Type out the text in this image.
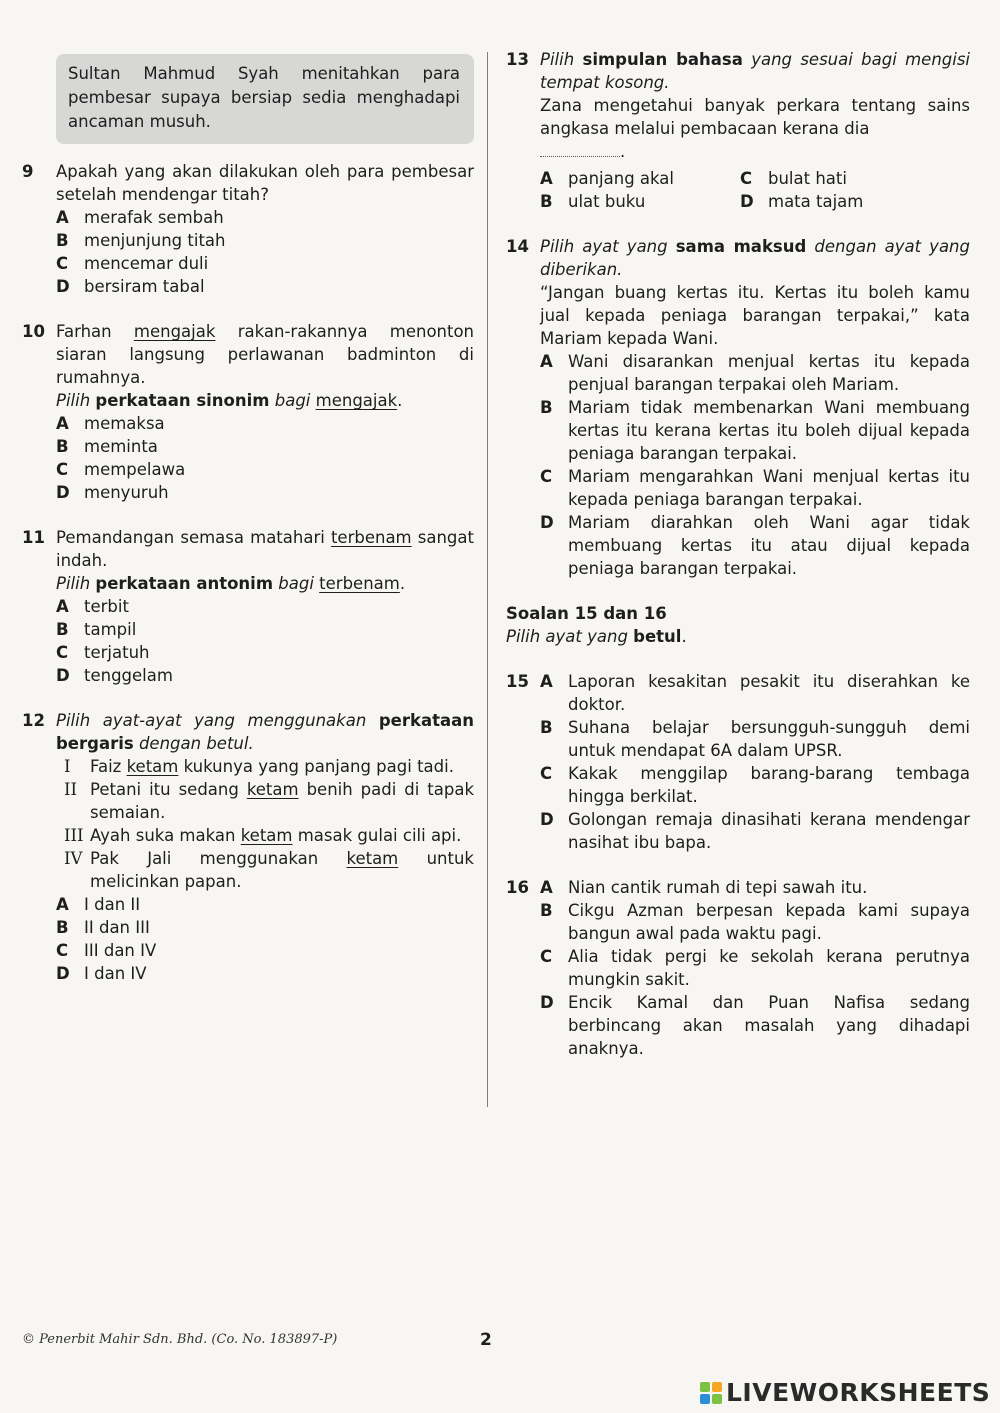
Sultan Mahmud Syah menitahkan para pembesar supaya bersiap sedia menghadapi ancaman musuh.
9 Apakah yang akan dilakukan oleh para pembesar setelah mendengar titah?
A merafak sembah
B menjunjung titah
C mencemar duli
D bersiram tabal
10 Farhan mengajak rakan-rakannya menonton siaran langsung perlawanan badminton di rumahnya.
Pilih perkataan sinonim bagi mengajak.
A memaksa
B meminta
C mempelawa
D menyuruh
11 Pemandangan semasa matahari terbenam sangat indah.
Pilih perkataan antonim bagi terbenam.
A terbit
B tampil
C terjatuh
D tenggelam
12 Pilih ayat-ayat yang menggunakan perkataan bergaris dengan betul.
I Faiz ketam kukunya yang panjang pagi tadi.
II Petani itu sedang ketam benih padi di tapak semaian.
III Ayah suka makan ketam masak gulai cili api.
IV Pak Jali menggunakan ketam untuk melicinkan papan.
A I dan II
B II dan III
C III dan IV
D I dan IV
13 Pilih simpulan bahasa yang sesuai bagi mengisi tempat kosong.
Zana mengetahui banyak perkara tentang sains angkasa melalui pembacaan kerana dia
.
A panjang akal	C bulat hati
B ulat buku	D mata tajam
14 Pilih ayat yang sama maksud dengan ayat yang diberikan.
“Jangan buang kertas itu. Kertas itu boleh kamu jual kepada peniaga barangan terpakai,” kata Mariam kepada Wani.
A Wani disarankan menjual kertas itu kepada penjual barangan terpakai oleh Mariam.
B Mariam tidak membenarkan Wani membuang kertas itu kerana kertas itu boleh dijual kepada peniaga barangan terpakai.
C Mariam mengarahkan Wani menjual kertas itu kepada peniaga barangan terpakai.
D Mariam diarahkan oleh Wani agar tidak membuang kertas itu atau dijual kepada peniaga barangan terpakai.
Soalan 15 dan 16
Pilih ayat yang betul.
15 A Laporan kesakitan pesakit itu diserahkan ke doktor.
B Suhana belajar bersungguh-sungguh demi untuk mendapat 6A dalam UPSR.
C Kakak menggilap barang-barang tembaga hingga berkilat.
D Golongan remaja dinasihati kerana mendengar nasihat ibu bapa.
16 A Nian cantik rumah di tepi sawah itu.
B Cikgu Azman berpesan kepada kami supaya bangun awal pada waktu pagi.
C Alia tidak pergi ke sekolah kerana perutnya mungkin sakit.
D Encik Kamal dan Puan Nafisa sedang berbincang akan masalah yang dihadapi anaknya.
© Penerbit Mahir Sdn. Bhd. (Co. No. 183897-P)	2
LIVEWORKSHEETS
